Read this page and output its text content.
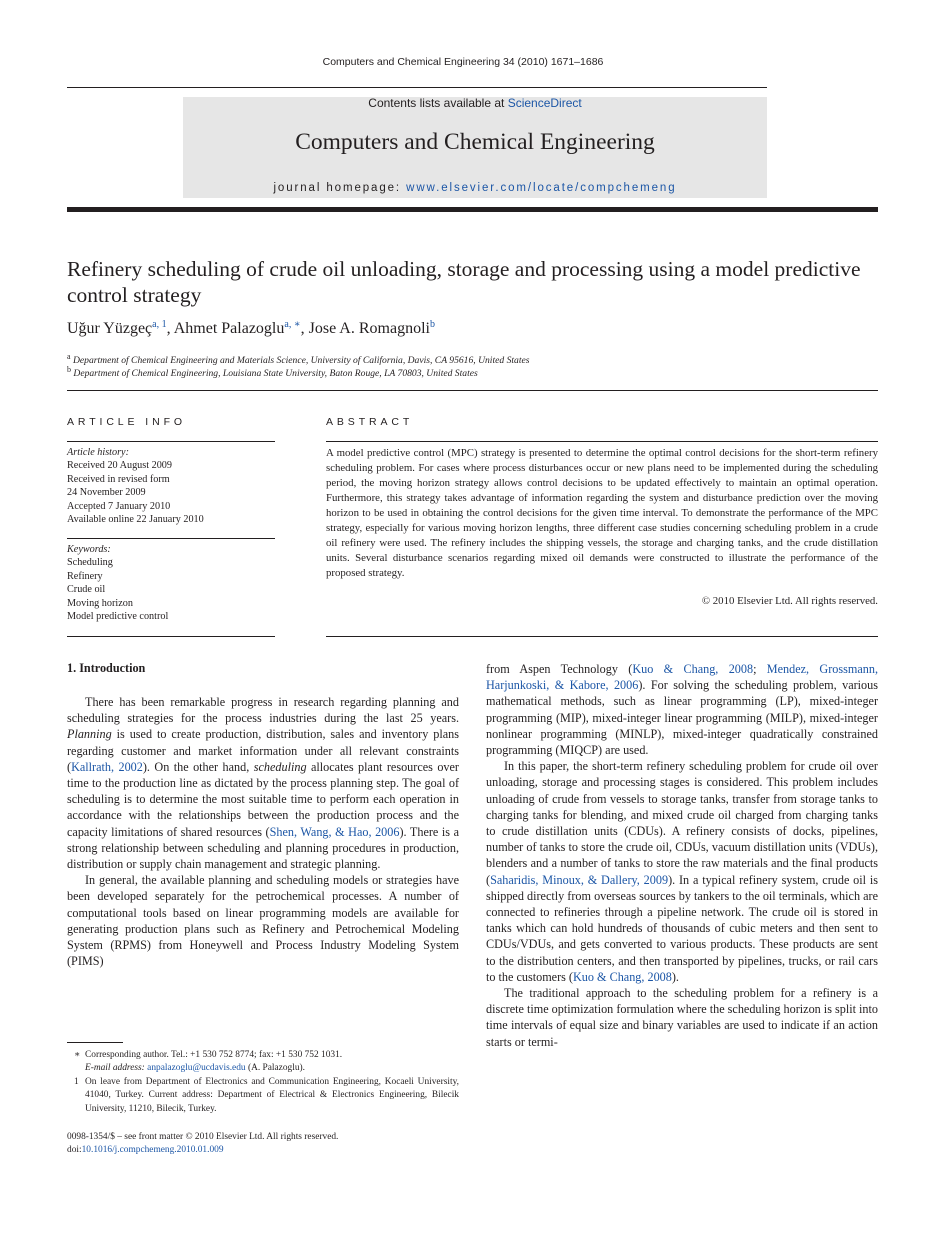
Computers and Chemical Engineering 34 (2010) 1671–1686
Contents lists available at ScienceDirect
Computers and Chemical Engineering
journal homepage: www.elsevier.com/locate/compchemeng
Refinery scheduling of crude oil unloading, storage and processing using a model predictive control strategy
Uğur Yüzgeç$^{a, 1}$, Ahmet Palazoglu$^{a, ∗}$, Jose A. Romagnoli$^b$
$^a$ Department of Chemical Engineering and Materials Science, University of California, Davis, CA 95616, United States
$^b$ Department of Chemical Engineering, Louisiana State University, Baton Rouge, LA 70803, United States
ARTICLE INFO
Article history:
Received 20 August 2009
Received in revised form
24 November 2009
Accepted 7 January 2010
Available online 22 January 2010
Keywords:
Scheduling
Refinery
Crude oil
Moving horizon
Model predictive control
ABSTRACT
A model predictive control (MPC) strategy is presented to determine the optimal control decisions for the short-term refinery scheduling problem. For cases where process disturbances occur or new plans need to be implemented during the scheduling period, the moving horizon strategy allows control decisions to be updated effectively to maintain an optimal operation. Furthermore, this strategy takes advantage of information regarding the system and disturbance prediction over the moving horizon to be used in obtaining the control decisions for the given time interval. To demonstrate the performance of the MPC strategy, especially for various moving horizon lengths, three different case studies concerning scheduling problem in a crude oil refinery were used. The refinery includes the shipping vessels, the storage and charging tanks, and the crude distillation units. Several disturbance scenarios regarding mixed oil demands were constructed to illustrate the performance of the proposed strategy.
© 2010 Elsevier Ltd. All rights reserved.
1. Introduction

There has been remarkable progress in research regarding planning and scheduling strategies for the process industries during the last 25 years. Planning is used to create production, distribution, sales and inventory plans regarding customer and market information under all relevant constraints (Kallrath, 2002). On the other hand, scheduling allocates plant resources over time to the production line as dictated by the process planning step. The goal of scheduling is to determine the most suitable time to perform each operation in accordance with the relationships between the production process and the capacity limitations of shared resources (Shen, Wang, & Hao, 2006). There is a strong relationship between scheduling and planning procedures in production, distribution or supply chain management and strategic planning.

In general, the available planning and scheduling models or strategies have been developed separately for the petrochemical processes. A number of computational tools based on linear programming models are available for generating production plans such as Refinery and Petrochemical Modeling System (RPMS) from Honeywell and Process Industry Modeling System (PIMS)

from Aspen Technology (Kuo & Chang, 2008; Mendez, Grossmann, Harjunkoski, & Kabore, 2006). For solving the scheduling problem, various mathematical methods, such as linear programming (LP), mixed-integer programming (MIP), mixed-integer linear programming (MILP), mixed-integer nonlinear programming (MINLP), mixed-integer quadratically constrained programming (MIQCP) are used.

In this paper, the short-term refinery scheduling problem for crude oil over unloading, storage and processing stages is considered. This problem includes unloading of crude from vessels to storage tanks, transfer from storage tanks to charging tanks for blending, and mixed crude oil charged from charging tanks to crude distillation units (CDUs). A refinery consists of docks, pipelines, number of tanks to store the crude oil, CDUs, vacuum distillation units (VDUs), blenders and a number of tanks to store the raw materials and the final products (Saharidis, Minoux, & Dallery, 2009). In a typical refinery system, crude oil is shipped directly from overseas sources by tankers to the oil terminals, which are connected to refineries through a pipeline network. The crude oil is stored in tanks which can hold hundreds of thousands of cubic meters and then sent to CDUs/VDUs, and gets converted to various products. These products are sent to the distribution centers, and then transported by pipelines, trucks, or rail cars to the customers (Kuo & Chang, 2008).

The traditional approach to the scheduling problem for a refinery is a discrete time optimization formulation where the scheduling horizon is split into time intervals of equal size and binary variables are used to indicate if an action starts or termi-

∗ Corresponding author. Tel.: +1 530 752 8774; fax: +1 530 752 1031.
E-mail address: anpalazoglu@ucdavis.edu (A. Palazoglu).
1 On leave from Department of Electronics and Communication Engineering, Kocaeli University, 41040, Turkey. Current address: Department of Electrical & Electronics Engineering, Bilecik University, 11210, Bilecik, Turkey.
0098-1354/$ – see front matter © 2010 Elsevier Ltd. All rights reserved.
doi:10.1016/j.compchemeng.2010.01.009
